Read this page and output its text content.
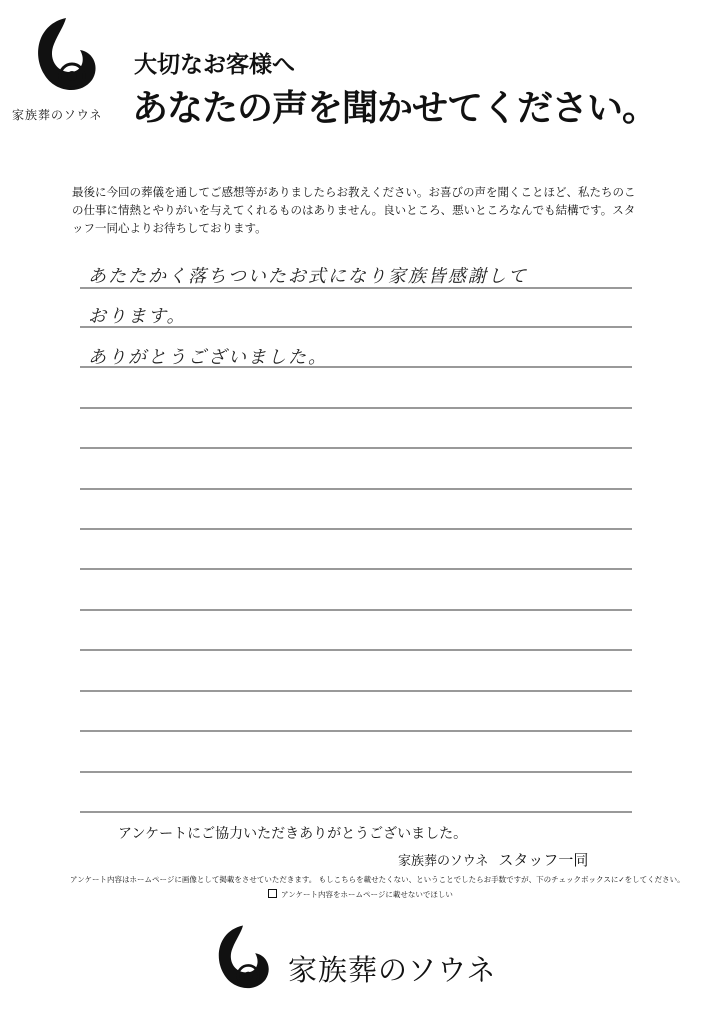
家族葬のソウネ
大切なお客様へ
あなたの声を聞かせてください。
最後に今回の葬儀を通してご感想等がありましたらお教えください。お喜びの声を聞くことほど、私たちのこの仕事に情熱とやりがいを与えてくれるものはありません。良いところ、悪いところなんでも結構です。スタッフ一同心よりお待ちしております。
あたたかく落ちついたお式になり家族皆感謝して
おります。
ありがとうございました。
アンケートにご協力いただきありがとうございました。
家族葬のソウネ スタッフ一同
アンケート内容はホームページに画像として掲載をさせていただきます。 もしこちらを載せたくない、ということでしたらお手数ですが、下のチェックボックスに✓をしてください。
アンケート内容をホームページに載せないでほしい
家族葬のソウネ
